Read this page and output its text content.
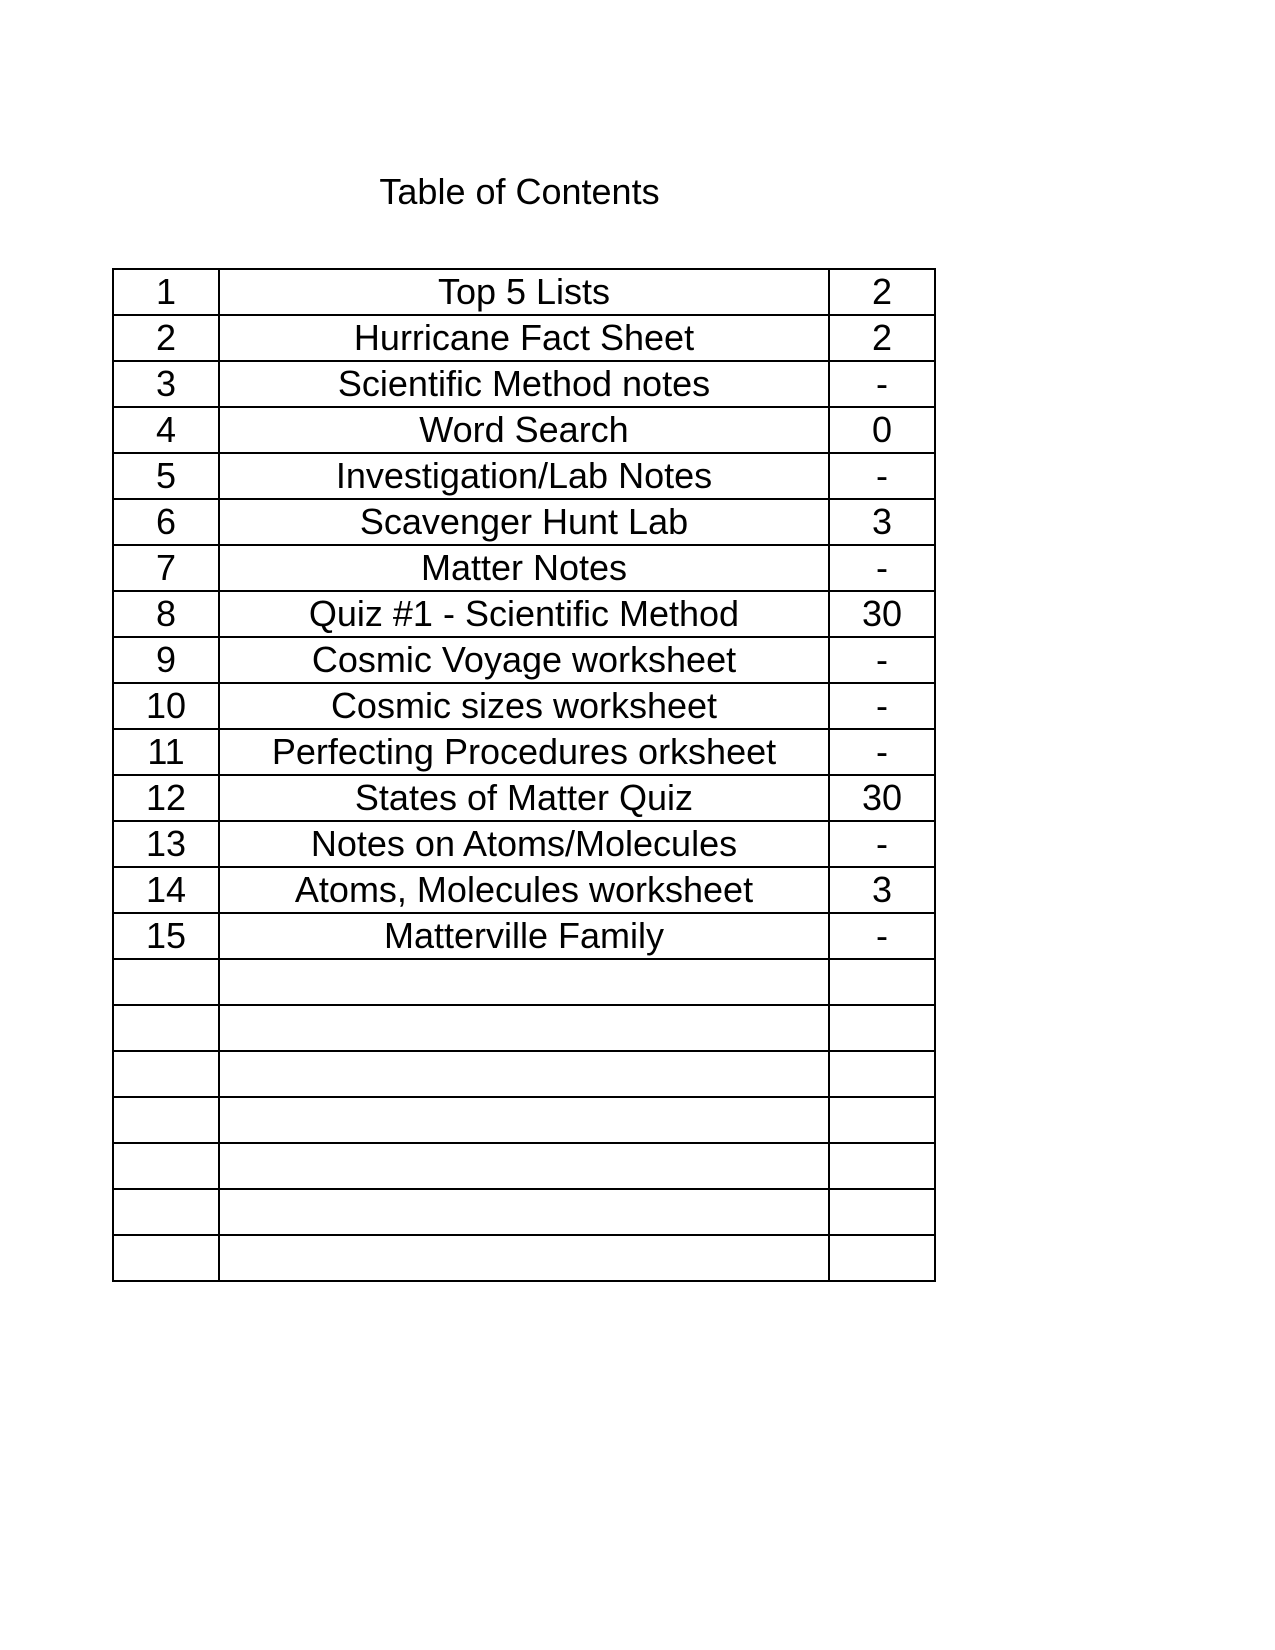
Table of Contents
1	Top 5 Lists	2
2	Hurricane Fact Sheet	2
3	Scientific Method notes	-
4	Word Search	0
5	Investigation/Lab Notes	-
6	Scavenger Hunt Lab	3
7	Matter Notes	-
8	Quiz #1 - Scientific Method	30
9	Cosmic Voyage worksheet	-
10	Cosmic sizes worksheet	-
11	Perfecting Procedures orksheet	-
12	States of Matter Quiz	30
13	Notes on Atoms/Molecules	-
14	Atoms, Molecules worksheet	3
15	Matterville Family	-
